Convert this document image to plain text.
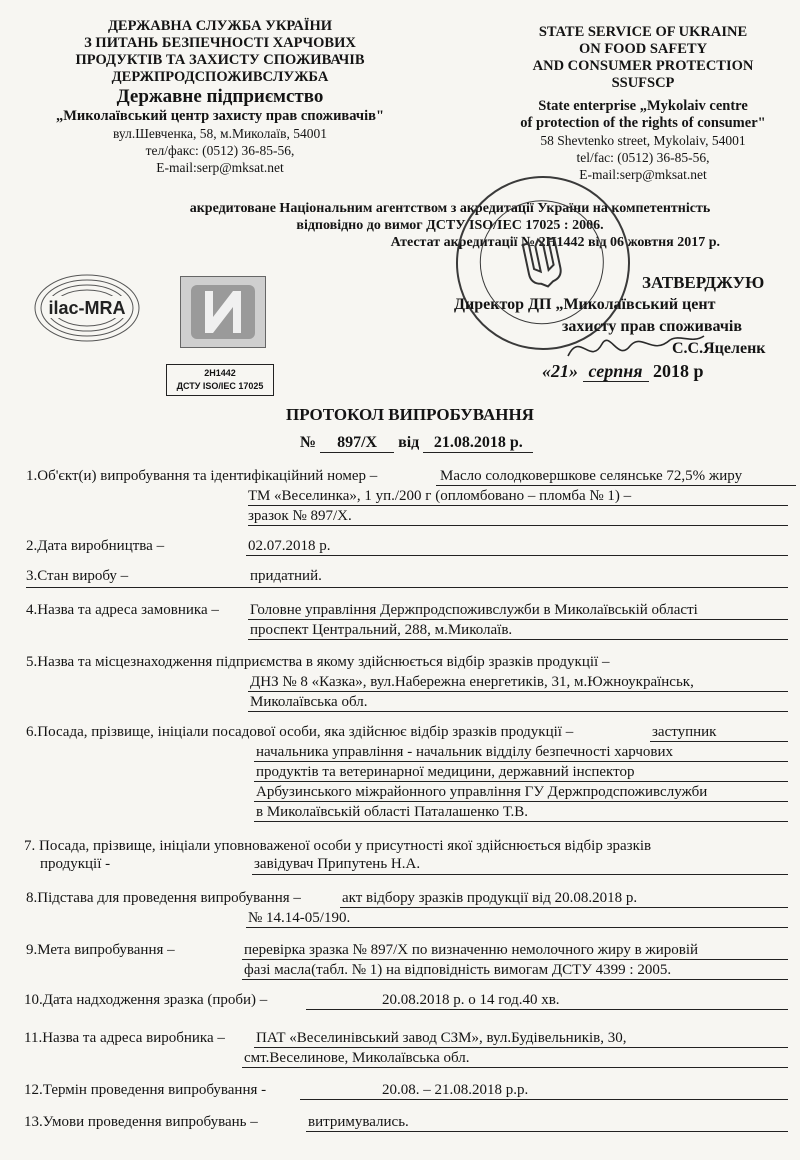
ДЕРЖАВНА СЛУЖБА УКРАЇНИ
З ПИТАНЬ БЕЗПЕЧНОСТІ ХАРЧОВИХ
ПРОДУКТІВ ТА ЗАХИСТУ СПОЖИВАЧІВ
ДЕРЖПРОДСПОЖИВСЛУЖБА
Державне підприємство
„Миколаївський центр захисту прав споживачів"
вул.Шевченка, 58, м.Миколаїв, 54001
тел/факс: (0512) 36-85-56,
E-mail:serp@mksat.net
STATE SERVICE OF UKRAINE
ON FOOD SAFETY
AND CONSUMER PROTECTION
SSUFSCP
State enterprise „Mykolaiv centre
of protection of the rights of consumer"
58 Shevtenko street, Mykolaiv, 54001
tel/fac: (0512) 36-85-56,
E-mail:serp@mksat.net
акредитоване Національним агентством з акредитації України на компетентність
відповідно до вимог ДСТУ ISO/IEC 17025 : 2006.
Атестат акредитації № 2Н1442 від 06 жовтня 2017 р.
ilac-MRA
2Н1442
ДСТУ ISO/IEC 17025
ЗАТВЕРДЖУЮ
Директор ДП „Миколаївський цент
захисту прав споживачів
С.С.Яцеленк
«21» серпня 2018 р
ПРОТОКОЛ ВИПРОБУВАННЯ
№ 897/Х від 21.08.2018 р.
1.Об'єкт(и) випробування та ідентифікаційний номер –	Масло солодковершкове селянське 72,5% жиру
ТМ «Веселинка», 1 уп./200 г (опломбовано – пломба № 1) –
зразок № 897/Х.
2.Дата виробництва –	02.07.2018 р.
3.Стан виробу –	придатний.
4.Назва та адреса замовника – Головне управління Держпродспоживслужби в Миколаївській області
проспект Центральний, 288, м.Миколаїв.
5.Назва та місцезнаходження підприємства в якому здійснюється відбір зразків продукції –
ДНЗ № 8 «Казка», вул.Набережна енергетиків, 31, м.Южноукраїнськ,
Миколаївська обл.
6.Посада, прізвище, ініціали посадової особи, яка здійснює відбір зразків продукції –	заступник
начальника управління - начальник відділу безпечності харчових
продуктів та ветеринарної медицини, державний інспектор
Арбузинського міжрайонного управління ГУ Держпродспоживслужби
в Миколаївській області Паталашенко Т.В.
7. Посада, прізвище, ініціали уповноваженої особи у присутності якої здійснюється відбір зразків
продукції -	завідувач Припутень Н.А.
8.Підстава для проведення випробування –	акт відбору зразків продукції від 20.08.2018 р.
№ 14.14-05/190.
9.Мета випробування –	перевірка зразка № 897/Х по визначенню немолочного жиру в жировій
фазі масла(табл. № 1) на відповідність вимогам ДСТУ 4399 : 2005.
10.Дата надходження зразка (проби) –	20.08.2018 р. о 14 год.40 хв.
11.Назва та адреса виробника – ПАТ «Веселинівський завод СЗМ», вул.Будівельників, 30,
смт.Веселинове, Миколаївська обл.
12.Термін проведення випробування -	20.08. – 21.08.2018 р.р.
13.Умови проведення випробувань –	витримувались.
